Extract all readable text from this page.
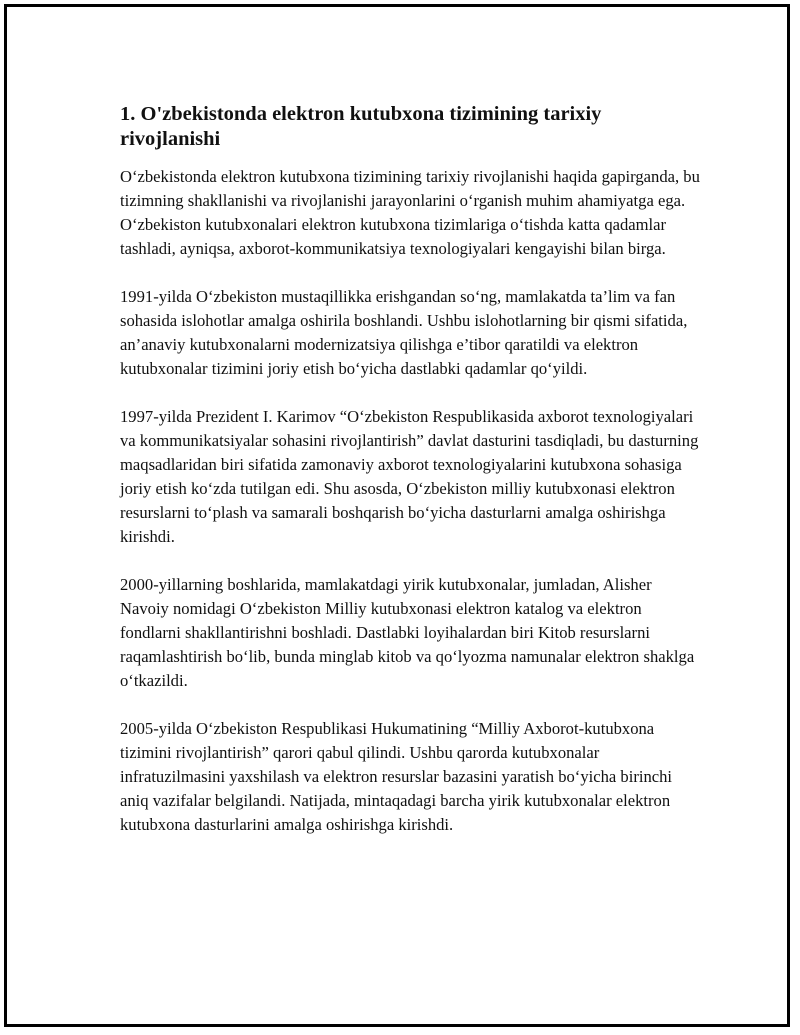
1. O'zbekistonda elektron kutubxona tizimining tarixiy rivojlanishi

O‘zbekistonda elektron kutubxona tizimining tarixiy rivojlanishi haqida gapirganda, bu tizimning shakllanishi va rivojlanishi jarayonlarini o‘rganish muhim ahamiyatga ega. O‘zbekiston kutubxonalari elektron kutubxona tizimlariga o‘tishda katta qadamlar tashladi, ayniqsa, axborot-kommunikatsiya texnologiyalari kengayishi bilan birga.

1991-yilda O‘zbekiston mustaqillikka erishgandan so‘ng, mamlakatda ta’lim va fan sohasida islohotlar amalga oshirila boshlandi. Ushbu islohotlarning bir qismi sifatida, an’anaviy kutubxonalarni modernizatsiya qilishga e’tibor qaratildi va elektron kutubxonalar tizimini joriy etish bo‘yicha dastlabki qadamlar qo‘yildi.

1997-yilda Prezident I. Karimov “O‘zbekiston Respublikasida axborot texnologiyalari va kommunikatsiyalar sohasini rivojlantirish” davlat dasturini tasdiqladi, bu dasturning maqsadlaridan biri sifatida zamonaviy axborot texnologiyalarini kutubxona sohasiga joriy etish ko‘zda tutilgan edi. Shu asosda, O‘zbekiston milliy kutubxonasi elektron resurslarni to‘plash va samarali boshqarish bo‘yicha dasturlarni amalga oshirishga kirishdi.

2000-yillarning boshlarida, mamlakatdagi yirik kutubxonalar, jumladan, Alisher Navoiy nomidagi O‘zbekiston Milliy kutubxonasi elektron katalog va elektron fondlarni shakllantirishni boshladi. Dastlabki loyihalardan biri Kitob resurslarni raqamlashtirish bo‘lib, bunda minglab kitob va qo‘lyozma namunalar elektron shaklga o‘tkazildi.

2005-yilda O‘zbekiston Respublikasi Hukumatining “Milliy Axborot-kutubxona tizimini rivojlantirish” qarori qabul qilindi. Ushbu qarorda kutubxonalar infratuzilmasini yaxshilash va elektron resurslar bazasini yaratish bo‘yicha birinchi aniq vazifalar belgilandi. Natijada, mintaqadagi barcha yirik kutubxonalar elektron kutubxona dasturlarini amalga oshirishga kirishdi.
